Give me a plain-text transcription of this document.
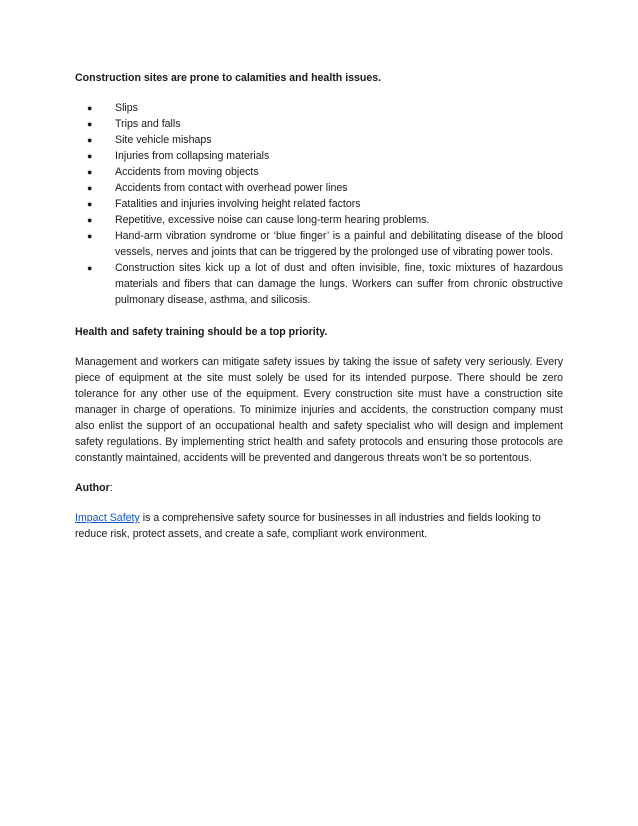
Construction sites are prone to calamities and health issues.

● Slips
● Trips and falls
● Site vehicle mishaps
● Injuries from collapsing materials
● Accidents from moving objects
● Accidents from contact with overhead power lines
● Fatalities and injuries involving height related factors
● Repetitive, excessive noise can cause long-term hearing problems.
● Hand-arm vibration syndrome or ‘blue finger’ is a painful and debilitating disease of the blood vessels, nerves and joints that can be triggered by the prolonged use of vibrating power tools.
● Construction sites kick up a lot of dust and often invisible, fine, toxic mixtures of hazardous materials and fibers that can damage the lungs. Workers can suffer from chronic obstructive pulmonary disease, asthma, and silicosis.

Health and safety training should be a top priority.

Management and workers can mitigate safety issues by taking the issue of safety very seriously. Every piece of equipment at the site must solely be used for its intended purpose. There should be zero tolerance for any other use of the equipment. Every construction site must have a construction site manager in charge of operations. To minimize injuries and accidents, the construction company must also enlist the support of an occupational health and safety specialist who will design and implement safety regulations. By implementing strict health and safety protocols and ensuring those protocols are constantly maintained, accidents will be prevented and dangerous threats won’t be so portentous.

Author:

Impact Safety is a comprehensive safety source for businesses in all industries and fields looking to reduce risk, protect assets, and create a safe, compliant work environment.
